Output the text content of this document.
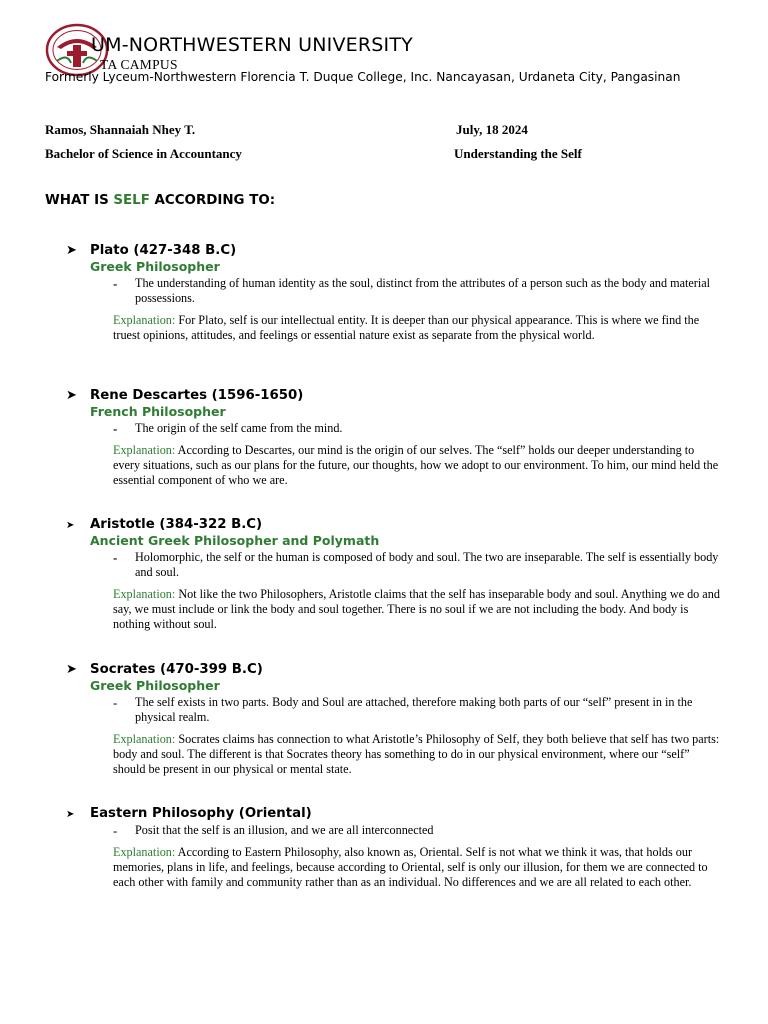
UM-NORTHWESTERN UNIVERSITY
TA CAMPUS
Formerly Lyceum-Northwestern Florencia T. Duque College, Inc. Nancayasan, Urdaneta City, Pangasinan
Ramos, Shannaiah Nhey T.	July, 18 2024
Bachelor of Science in Accountancy	Understanding the Self
WHAT IS SELF ACCORDING TO:
➤ Plato (427-348 B.C)
Greek Philosopher
- The understanding of human identity as the soul, distinct from the attributes of a person such as the body and material possessions.
Explanation: For Plato, self is our intellectual entity. It is deeper than our physical appearance. This is where we find the truest opinions, attitudes, and feelings or essential nature exist as separate from the physical world.
➤ Rene Descartes (1596-1650)
French Philosopher
- The origin of the self came from the mind.
Explanation: According to Descartes, our mind is the origin of our selves. The “self” holds our deeper understanding to every situations, such as our plans for the future, our thoughts, how we adopt to our environment. To him, our mind held the essential component of who we are.
➤ Aristotle (384-322 B.C)
Ancient Greek Philosopher and Polymath
- Holomorphic, the self or the human is composed of body and soul. The two are inseparable. The self is essentially body and soul.
Explanation: Not like the two Philosophers, Aristotle claims that the self has inseparable body and soul. Anything we do and say, we must include or link the body and soul together. There is no soul if we are not including the body. And body is nothing without soul.
➤ Socrates (470-399 B.C)
Greek Philosopher
- The self exists in two parts. Body and Soul are attached, therefore making both parts of our “self” present in in the physical realm.
Explanation: Socrates claims has connection to what Aristotle’s Philosophy of Self, they both believe that self has two parts: body and soul. The different is that Socrates theory has something to do in our physical environment, where our “self” should be present in our physical or mental state.
➤ Eastern Philosophy (Oriental)
- Posit that the self is an illusion, and we are all interconnected
Explanation: According to Eastern Philosophy, also known as, Oriental. Self is not what we think it was, that holds our memories, plans in life, and feelings, because according to Oriental, self is only our illusion, for them we are connected to each other with family and community rather than as an individual. No differences and we are all related to each other.
